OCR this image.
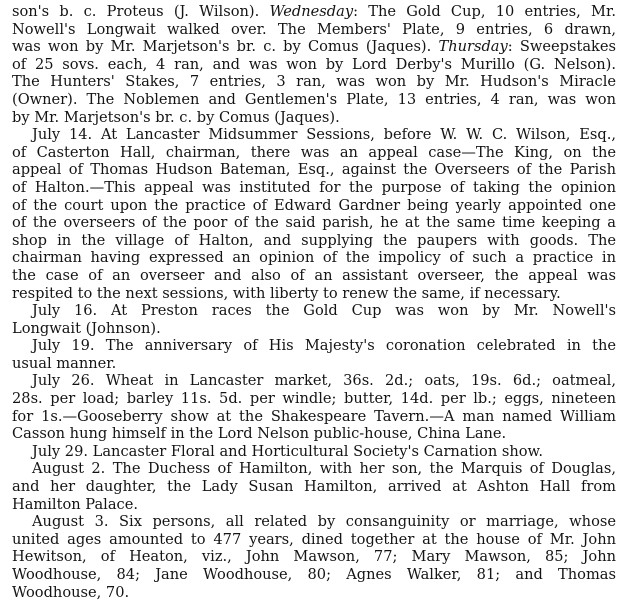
son's b. c. Proteus (J. Wilson). Wednesday: The Gold Cup, 10 entries, Mr.
Nowell's Longwait walked over. The Members' Plate, 9 entries, 6 drawn,
was won by Mr. Marjetson's br. c. by Comus (Jaques). Thursday: Sweepstakes
of 25 sovs. each, 4 ran, and was won by Lord Derby's Murillo (G. Nelson).
The Hunters' Stakes, 7 entries, 3 ran, was won by Mr. Hudson's Miracle
(Owner). The Noblemen and Gentlemen's Plate, 13 entries, 4 ran, was won
by Mr. Marjetson's br. c. by Comus (Jaques).
July 14. At Lancaster Midsummer Sessions, before W. W. C. Wilson, Esq.,
of Casterton Hall, chairman, there was an appeal case—The King, on the
appeal of Thomas Hudson Bateman, Esq., against the Overseers of the Parish
of Halton.—This appeal was instituted for the purpose of taking the opinion
of the court upon the practice of Edward Gardner being yearly appointed one
of the overseers of the poor of the said parish, he at the same time keeping a
shop in the village of Halton, and supplying the paupers with goods. The
chairman having expressed an opinion of the impolicy of such a practice in
the case of an overseer and also of an assistant overseer, the appeal was
respited to the next sessions, with liberty to renew the same, if necessary.
July 16. At Preston races the Gold Cup was won by Mr. Nowell's
Longwait (Johnson).
July 19. The anniversary of His Majesty's coronation celebrated in the
usual manner.
July 26. Wheat in Lancaster market, 36s. 2d.; oats, 19s. 6d.; oatmeal,
28s. per load; barley 11s. 5d. per windle; butter, 14d. per lb.; eggs, nineteen
for 1s.—Gooseberry show at the Shakespeare Tavern.—A man named William
Casson hung himself in the Lord Nelson public-house, China Lane.
July 29. Lancaster Floral and Horticultural Society's Carnation show.
August 2. The Duchess of Hamilton, with her son, the Marquis of Douglas,
and her daughter, the Lady Susan Hamilton, arrived at Ashton Hall from
Hamilton Palace.
August 3. Six persons, all related by consanguinity or marriage, whose
united ages amounted to 477 years, dined together at the house of Mr. John
Hewitson, of Heaton, viz., John Mawson, 77; Mary Mawson, 85; John
Woodhouse, 84; Jane Woodhouse, 80; Agnes Walker, 81; and Thomas
Woodhouse, 70.
